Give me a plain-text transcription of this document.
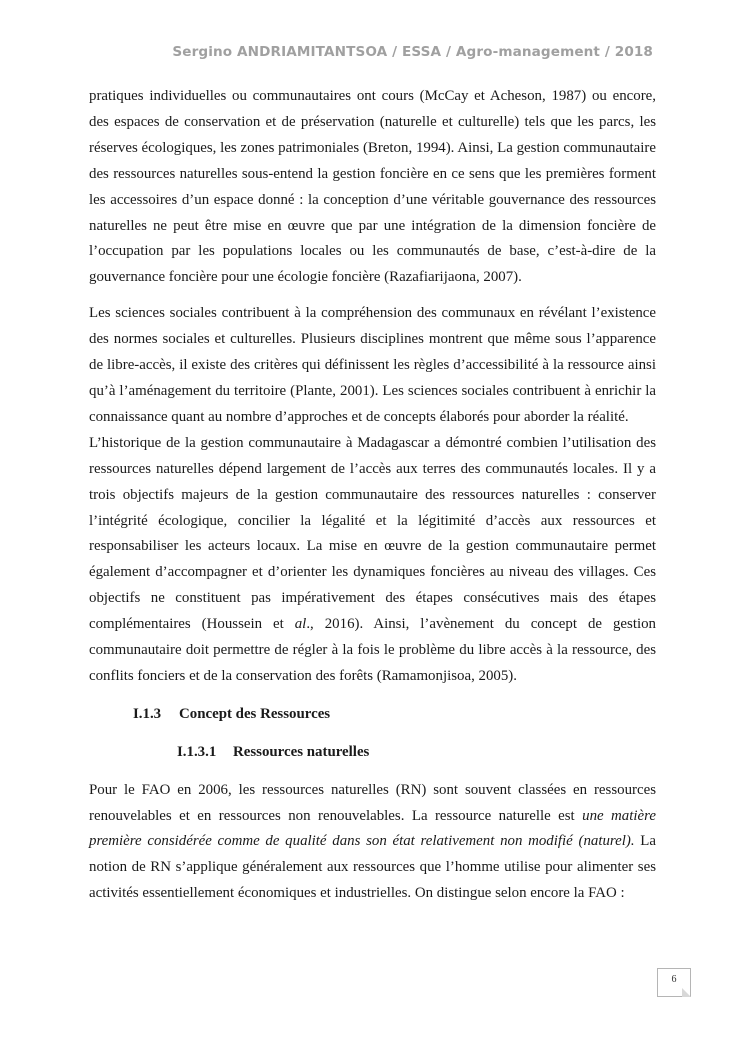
Sergino ANDRIAMITANTSOA / ESSA / Agro-management / 2018

pratiques individuelles ou communautaires ont cours (McCay et Acheson, 1987) ou encore, des espaces de conservation et de préservation (naturelle et culturelle) tels que les parcs, les réserves écologiques, les zones patrimoniales (Breton, 1994). Ainsi, La gestion communautaire des ressources naturelles sous-entend la gestion foncière en ce sens que les premières forment les accessoires d’un espace donné : la conception d’une véritable gouvernance des ressources naturelles ne peut être mise en œuvre que par une intégration de la dimension foncière de l’occupation par les populations locales ou les communautés de base, c’est-à-dire de la gouvernance foncière pour une écologie foncière (Razafiarijaona, 2007).

Les sciences sociales contribuent à la compréhension des communaux en révélant l’existence des normes sociales et culturelles. Plusieurs disciplines montrent que même sous l’apparence de libre-accès, il existe des critères qui définissent les règles d’accessibilité à la ressource ainsi qu’à l’aménagement du territoire (Plante, 2001). Les sciences sociales contribuent à enrichir la connaissance quant au nombre d’approches et de concepts élaborés pour aborder la réalité.

L’historique de la gestion communautaire à Madagascar a démontré combien l’utilisation des ressources naturelles dépend largement de l’accès aux terres des communautés locales. Il y a trois objectifs majeurs de la gestion communautaire des ressources naturelles : conserver l’intégrité écologique, concilier la légalité et la légitimité d’accès aux ressources et responsabiliser les acteurs locaux. La mise en œuvre de la gestion communautaire permet également d’accompagner et d’orienter les dynamiques foncières au niveau des villages. Ces objectifs ne constituent pas impérativement des étapes consécutives mais des étapes complémentaires (Houssein et al., 2016). Ainsi, l’avènement du concept de gestion communautaire doit permettre de régler à la fois le problème du libre accès à la ressource, des conflits fonciers et de la conservation des forêts (Ramamonjisoa, 2005).

I.1.3 Concept des Ressources
I.1.3.1 Ressources naturelles

Pour le FAO en 2006, les ressources naturelles (RN) sont souvent classées en ressources renouvelables et en ressources non renouvelables. La ressource naturelle est une matière première considérée comme de qualité dans son état relativement non modifié (naturel). La notion de RN s’applique généralement aux ressources que l’homme utilise pour alimenter ses activités essentiellement économiques et industrielles. On distingue selon encore la FAO :

6
